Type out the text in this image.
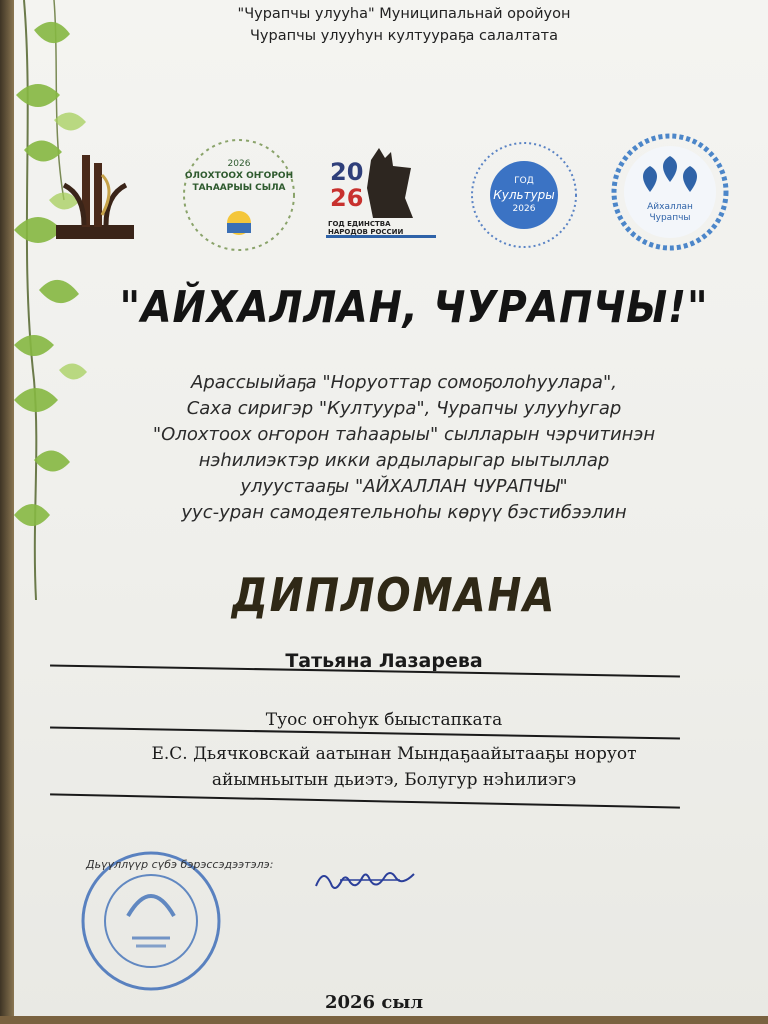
"Чурапчы улууhа" Муниципальнай оройуон
Чурапчы улууhун култуураҕа салалтата
2026
ОЛОХТООХ ОҤОРОН
ТАҺААРЫЫ СЫЛА
20
26
ГОД ЕДИНСТВА
НАРОДОВ РОССИИ
ГОД
Культуры
2026	Айхаллан
Чурапчы
"АЙХАЛЛАН, ЧУРАПЧЫ!"
Арассыыйаҕа "Норуоттар сомоҕолоһуулара",
Саха сиригэр "Култуура", Чурапчы улууһугар
"Олохтоох оҥорон таһаарыы" сылларын чэрчитинэн
нэһилиэктэр икки ардыларыгар ыытыллар
улуустааҕы "АЙХАЛЛАН ЧУРАПЧЫ"
уус-уран самодеятельноһы көрүү бэстибээлин
ДИПЛОМАНА
Татьяна Лазарева
Туос оҥоһук быыстапката
Е.С. Дьячковскай аатынан Мындаҕаайытааҕы норуот
айымньытын дьиэтэ, Болугур нэһилиэгэ
Дьүүллүүр сүбэ бэрэссэдээтэлэ:
2026 сыл
